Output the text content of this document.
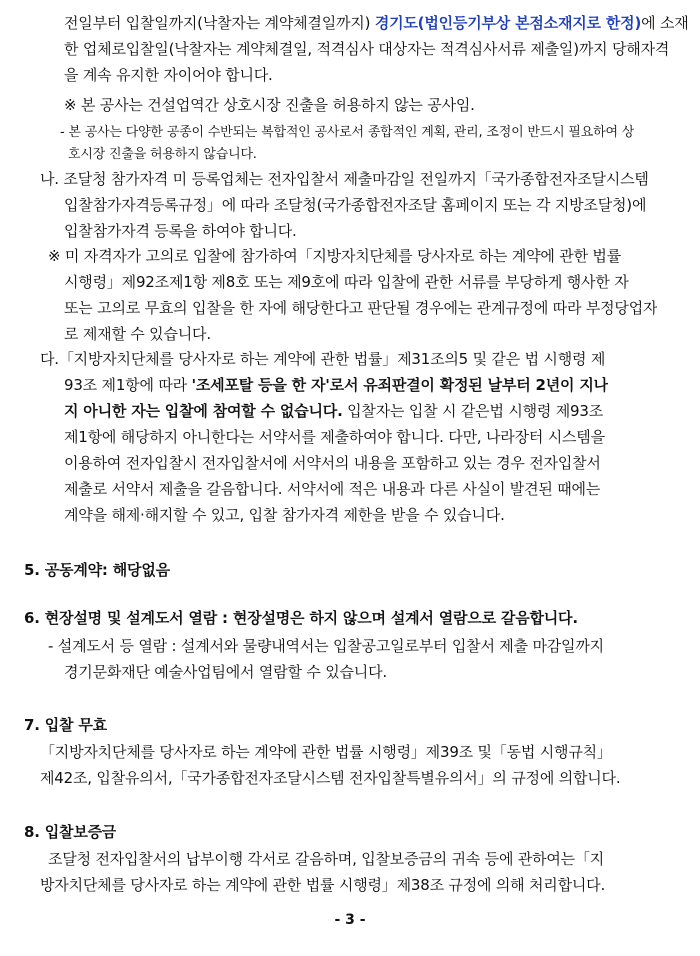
전일부터 입찰일까지(낙찰자는 계약체결일까지) 경기도(법인등기부상 본점소재지로 한정)에 소재
한 업체로입찰일(낙찰자는 계약체결일, 적격심사 대상자는 적격심사서류 제출일)까지 당해자격
을 계속 유지한 자이어야 합니다.
※ 본 공사는 건설업역간 상호시장 진출을 허용하지 않는 공사임.
- 본 공사는 다양한 공종이 수반되는 복합적인 공사로서 종합적인 계획, 관리, 조정이 반드시 필요하여 상
호시장 진출을 허용하지 않습니다.
나. 조달청 참가자격 미 등록업체는 전자입찰서 제출마감일 전일까지「국가종합전자조달시스템
입찰참가자격등록규정」에 따라 조달청(국가종합전자조달 홈페이지 또는 각 지방조달청)에
입찰참가자격 등록을 하여야 합니다.
※ 미 자격자가 고의로 입찰에 참가하여「지방자치단체를 당사자로 하는 계약에 관한 법률
시행령」제92조제1항 제8호 또는 제9호에 따라 입찰에 관한 서류를 부당하게 행사한 자
또는 고의로 무효의 입찰을 한 자에 해당한다고 판단될 경우에는 관계규정에 따라 부정당업자
로 제재할 수 있습니다.
다.「지방자치단체를 당사자로 하는 계약에 관한 법률」제31조의5 및 같은 법 시행령 제
93조 제1항에 따라 '조세포탈 등을 한 자'로서 유죄판결이 확정된 날부터 2년이 지나
지 아니한 자는 입찰에 참여할 수 없습니다. 입찰자는 입찰 시 같은법 시행령 제93조
제1항에 해당하지 아니한다는 서약서를 제출하여야 합니다. 다만, 나라장터 시스템을
이용하여 전자입찰시 전자입찰서에 서약서의 내용을 포함하고 있는 경우 전자입찰서
제출로 서약서 제출을 갈음합니다. 서약서에 적은 내용과 다른 사실이 발견된 때에는
계약을 해제·해지할 수 있고, 입찰 참가자격 제한을 받을 수 있습니다.
5. 공동계약: 해당없음
6. 현장설명 및 설계도서 열람 : 현장설명은 하지 않으며 설계서 열람으로 갈음합니다.
- 설계도서 등 열람 : 설계서와 물량내역서는 입찰공고일로부터 입찰서 제출 마감일까지
경기문화재단 예술사업팀에서 열람할 수 있습니다.
7. 입찰 무효
「지방자치단체를 당사자로 하는 계약에 관한 법률 시행령」제39조 및「동법 시행규칙」
제42조, 입찰유의서,「국가종합전자조달시스템 전자입찰특별유의서」의 규정에 의합니다.
8. 입찰보증금
조달청 전자입찰서의 납부이행 각서로 갈음하며, 입찰보증금의 귀속 등에 관하여는「지
방자치단체를 당사자로 하는 계약에 관한 법률 시행령」제38조 규정에 의해 처리합니다.
- 3 -
